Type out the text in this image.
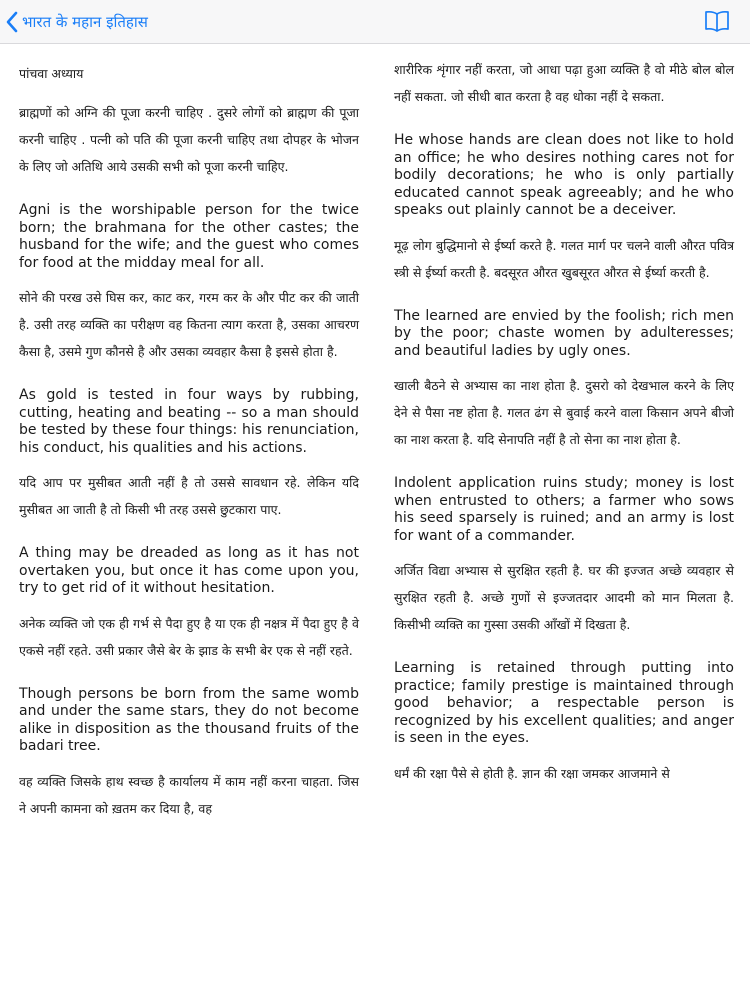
भारत के महान इतिहास

पांचवा अध्याय

ब्राह्मणों को अग्नि की पूजा करनी चाहिए . दुसरे लोगों को ब्राह्मण की पूजा करनी चाहिए . पत्नी को पति की पूजा करनी चाहिए तथा दोपहर के भोजन के लिए जो अतिथि आये उसकी सभी को पूजा करनी चाहिए.

Agni is the worshipable person for the twice born; the brahmana for the other castes; the husband for the wife; and the guest who comes for food at the midday meal for all.

सोने की परख उसे घिस कर, काट कर, गरम कर के और पीट कर की जाती है. उसी तरह व्यक्ति का परीक्षण वह कितना त्याग करता है, उसका आचरण कैसा है, उसमे गुण कौनसे है और उसका व्यवहार कैसा है इससे होता है.

As gold is tested in four ways by rubbing, cutting, heating and beating -- so a man should be tested by these four things: his renunciation, his conduct, his qualities and his actions.

यदि आप पर मुसीबत आती नहीं है तो उससे सावधान रहे. लेकिन यदि मुसीबत आ जाती है तो किसी भी तरह उससे छुटकारा पाए.

A thing may be dreaded as long as it has not overtaken you, but once it has come upon you, try to get rid of it without hesitation.

अनेक व्यक्ति जो एक ही गर्भ से पैदा हुए है या एक ही नक्षत्र में पैदा हुए है वे एकसे नहीं रहते. उसी प्रकार जैसे बेर के झाड के सभी बेर एक से नहीं रहते.

Though persons be born from the same womb and under the same stars, they do not become alike in disposition as the thousand fruits of the badari tree.

वह व्यक्ति जिसके हाथ स्वच्छ है कार्यालय में काम नहीं करना चाहता. जिस ने अपनी कामना को ख़तम कर दिया है, वह

शारीरिक शृंगार नहीं करता, जो आधा पढ़ा हुआ व्यक्ति है वो मीठे बोल बोल नहीं सकता. जो सीधी बात करता है वह धोका नहीं दे सकता.

He whose hands are clean does not like to hold an office; he who desires nothing cares not for bodily decorations; he who is only partially educated cannot speak agreeably; and he who speaks out plainly cannot be a deceiver.

मूढ़ लोग बुद्धिमानो से ईर्ष्या करते है. गलत मार्ग पर चलने वाली औरत पवित्र स्त्री से ईर्ष्या करती है. बदसूरत औरत खुबसूरत औरत से ईर्ष्या करती है.

The learned are envied by the foolish; rich men by the poor; chaste women by adulteresses; and beautiful ladies by ugly ones.

खाली बैठने से अभ्यास का नाश होता है. दुसरो को देखभाल करने के लिए देने से पैसा नष्ट होता है. गलत ढंग से बुवाई करने वाला किसान अपने बीजो का नाश करता है. यदि सेनापति नहीं है तो सेना का नाश होता है.

Indolent application ruins study; money is lost when entrusted to others; a farmer who sows his seed sparsely is ruined; and an army is lost for want of a commander.

अर्जित विद्या अभ्यास से सुरक्षित रहती है. घर की इज्जत अच्छे व्यवहार से सुरक्षित रहती है. अच्छे गुणों से इज्जतदार आदमी को मान मिलता है. किसीभी व्यक्ति का गुस्सा उसकी आँखों में दिखता है.

Learning is retained through putting into practice; family prestige is maintained through good behavior; a respectable person is recognized by his excellent qualities; and anger is seen in the eyes.

धर्मं की रक्षा पैसे से होती है. ज्ञान की रक्षा जमकर आजमाने से
